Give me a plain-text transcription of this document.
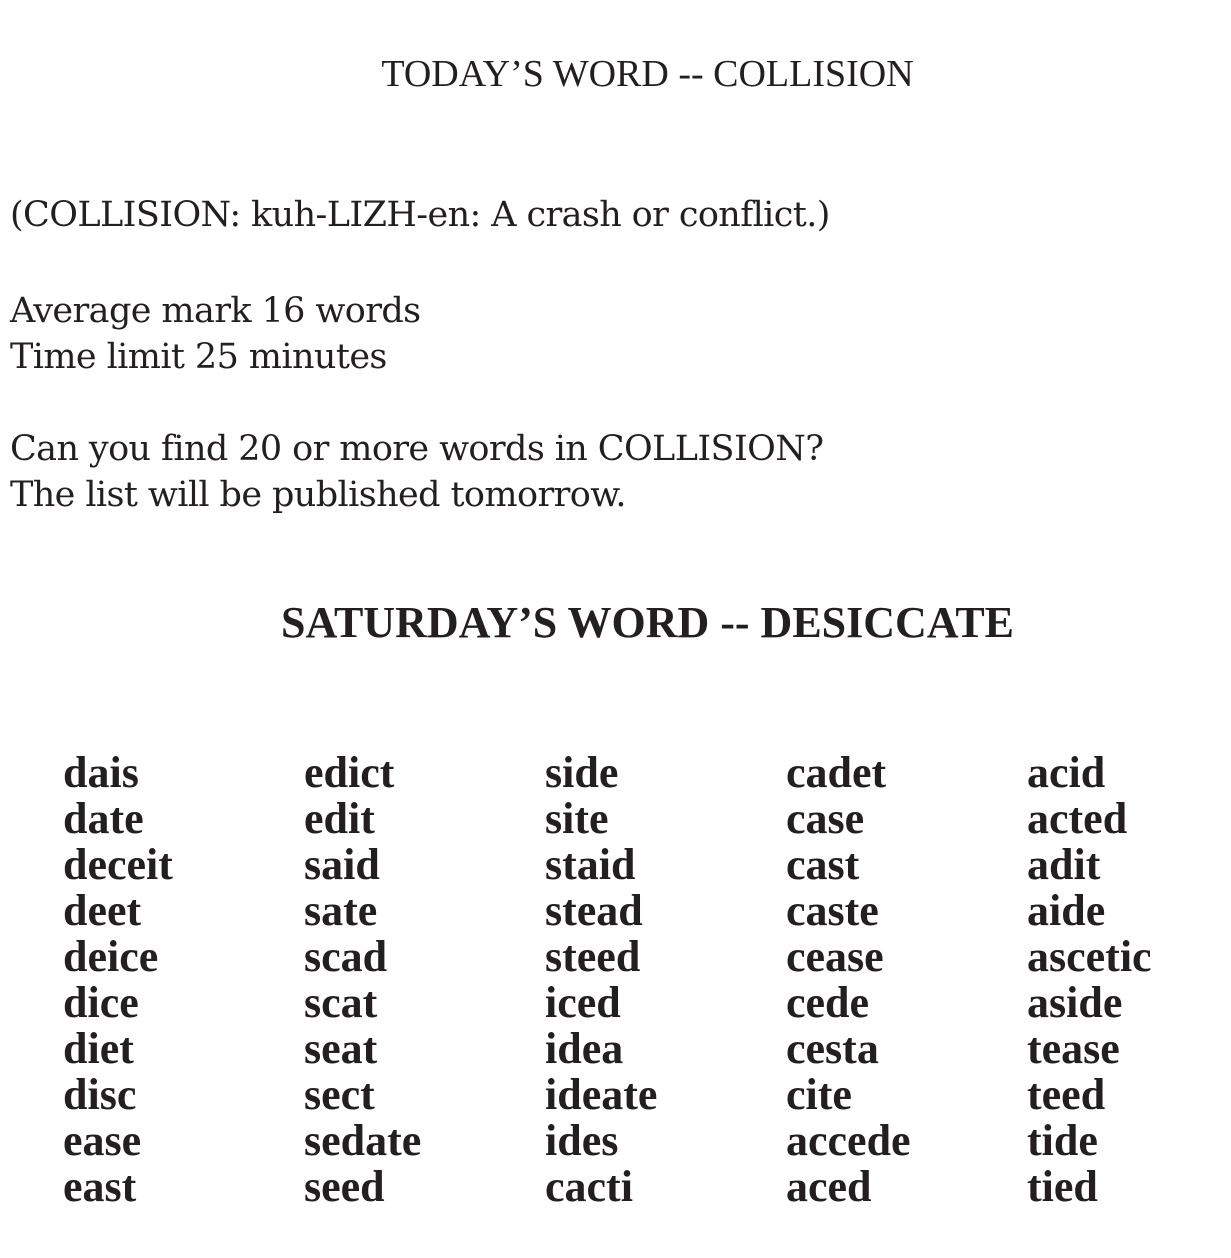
TODAY’S WORD -- COLLISION
(COLLISION: kuh-LIZH-en: A crash or conflict.)
Average mark 16 words
Time limit 25 minutes
Can you find 20 or more words in COLLISION?
The list will be published tomorrow.
SATURDAY’S WORD -- DESICCATE
dais
date
deceit
deet
deice
dice
diet
disc
ease
east
edict
edit
said
sate
scad
scat
seat
sect
sedate
seed
side
site
staid
stead
steed
iced
idea
ideate
ides
cacti
cadet
case
cast
caste
cease
cede
cesta
cite
accede
aced
acid
acted
adit
aide
ascetic
aside
tease
teed
tide
tied
